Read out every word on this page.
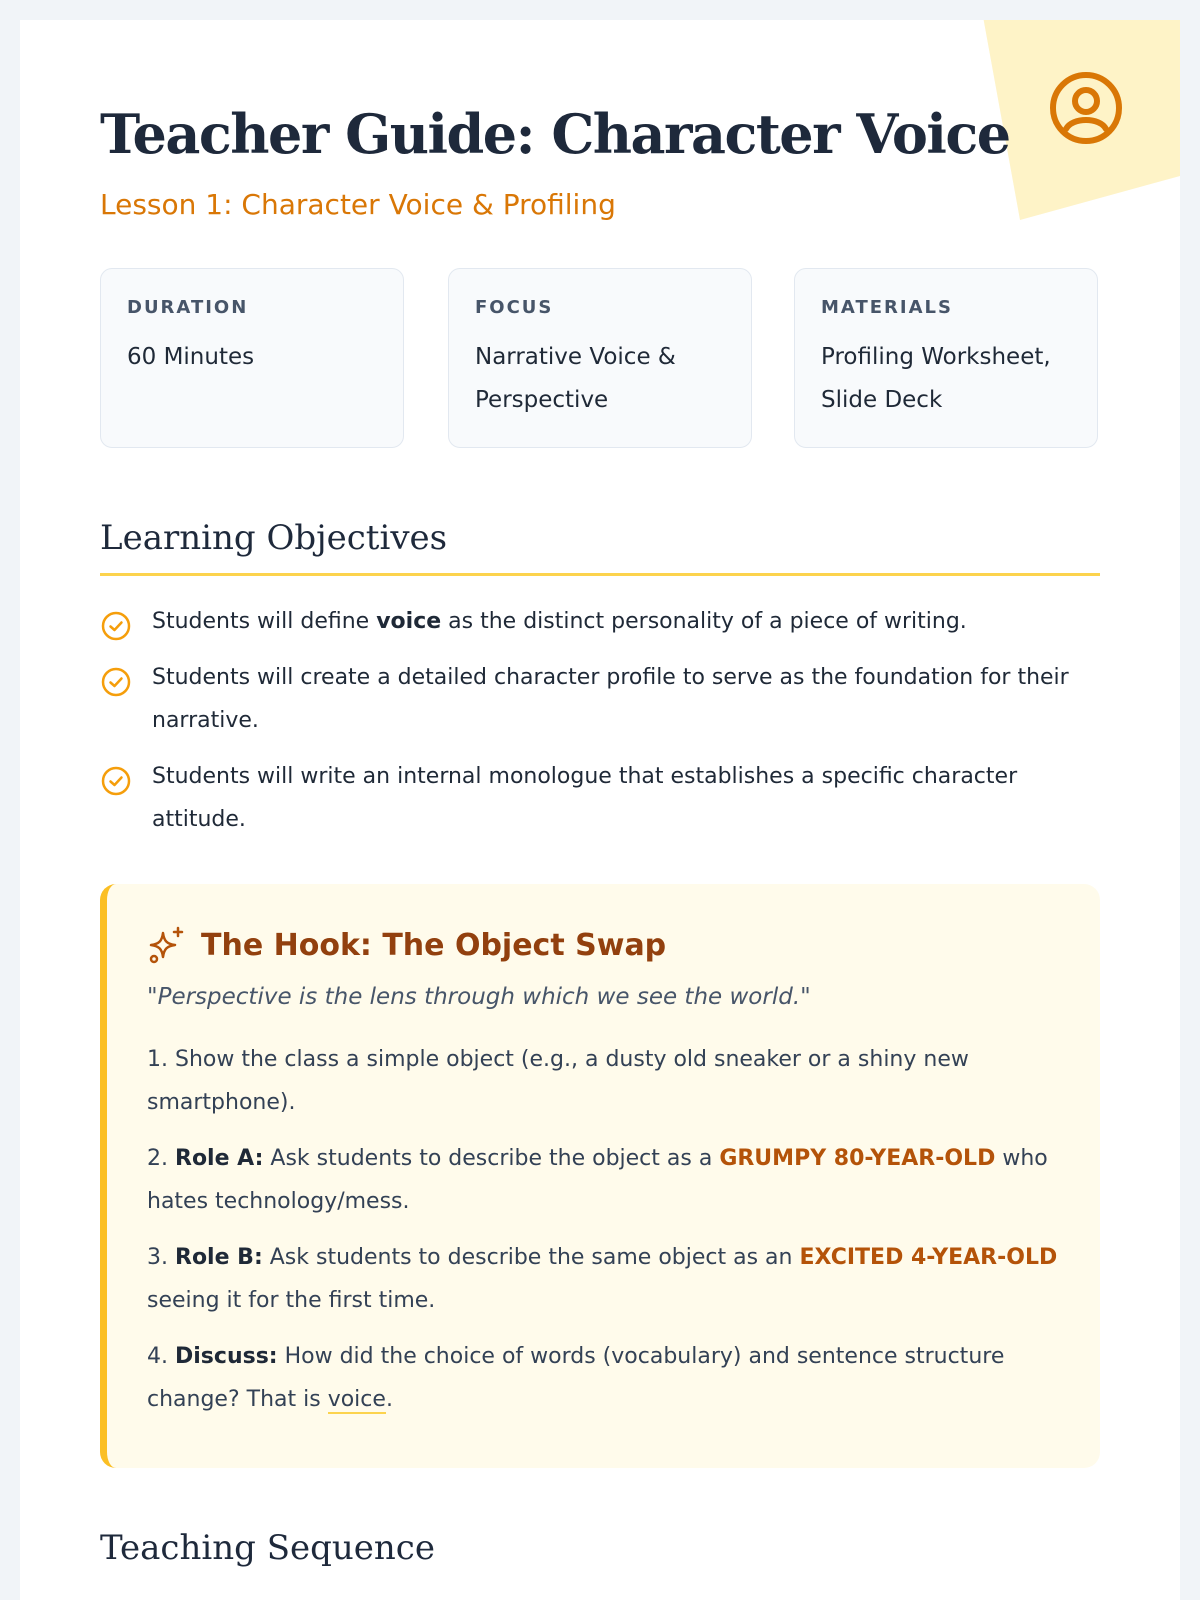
Teacher Guide: Character Voice
Lesson 1: Character Voice & Profiling
DURATION
60 Minutes
FOCUS
Narrative Voice & Perspective
MATERIALS
Profiling Worksheet, Slide Deck
Learning Objectives
Students will define voice as the distinct personality of a piece of writing.
Students will create a detailed character profile to serve as the foundation for their narrative.
Students will write an internal monologue that establishes a specific character attitude.
The Hook: The Object Swap
"Perspective is the lens through which we see the world."
1. Show the class a simple object (e.g., a dusty old sneaker or a shiny new smartphone).
2. Role A: Ask students to describe the object as a GRUMPY 80-YEAR-OLD who hates technology/mess.
3. Role B: Ask students to describe the same object as an EXCITED 4-YEAR-OLD seeing it for the first time.
4. Discuss: How did the choice of words (vocabulary) and sentence structure change? That is voice.
Teaching Sequence
